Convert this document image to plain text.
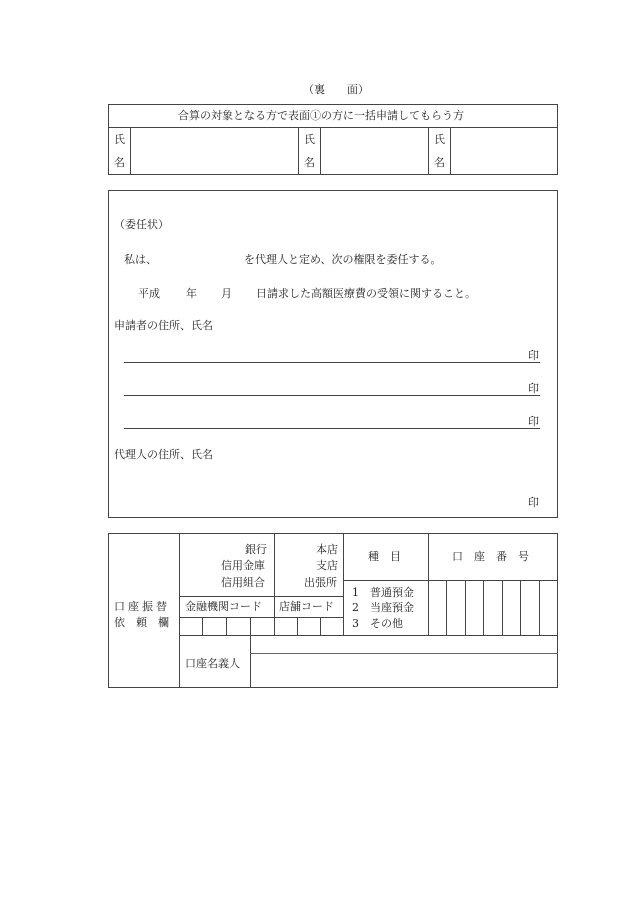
（裏　　面）
合算の対象となる方で表面①の方に一括申請してもらう方
氏
名
氏
名
氏
名
（委任状）
私は、	を代理人と定め、次の権限を委任する。
平成 年 月 日請求した高額医療費の受領に関すること。
申請者の住所、氏名
印
印
印
代理人の住所、氏名
印
口座振替
依　頼　欄
銀行
信用金庫
信用組合
本店
支店
出張所
金融機関コード 店舗コード
種　目
1　普通預金
2　当座預金
3　その他
口　座　番　号
口座名義人
